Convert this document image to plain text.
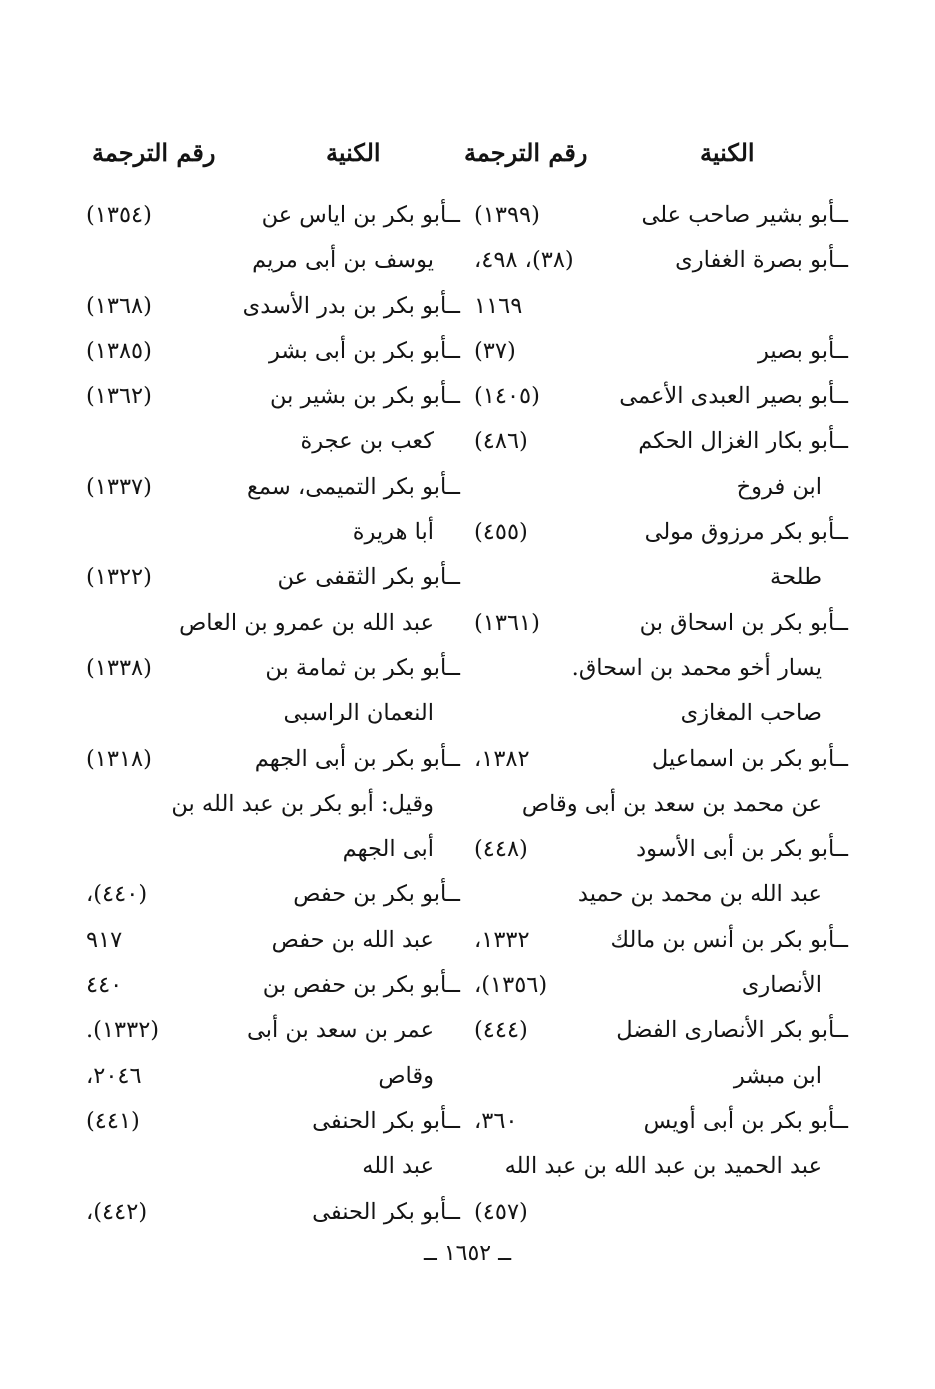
الكنية
رقم الترجمة
الكنية
رقم الترجمة
ــأبو بشير صاحب على
(١٣٩٩)
ــأبو بصرة الغفارى
(٣٨)، ٤٩٨،
١١٦٩
ــأبو بصير
(٣٧)
ــأبو بصير العبدى الأعمى
(١٤٠٥)
ــأبو بكار الغزال الحكم
(٤٨٦)
ابن فروخ
ــأبو بكر مرزوق مولى
(٤٥٥)
طلحة
ــأبو بكر بن اسحاق بن
(١٣٦١)
يسار أخو محمد بن اسحاق.
صاحب المغازى
ــأبو بكر بن اسماعيل
١٣٨٢،
عن محمد بن سعد بن أبى وقاص
ــأبو بكر بن أبى الأسود
(٤٤٨)
عبد الله بن محمد بن حميد
ــأبو بكر بن أنس بن مالك
١٣٣٢،
الأنصارى
(١٣٥٦)،
ــأبو بكر الأنصارى الفضل
(٤٤٤)
ابن مبشر
ــأبو بكر بن أبى أويس
٣٦٠،
عبد الحميد بن عبد الله بن عبد الله
(٤٥٧)
ــأبو بكر بن اياس عن
(١٣٥٤)
يوسف بن أبى مريم
ــأبو بكر بن بدر الأسدى
(١٣٦٨)
ــأبو بكر بن أبى بشر
(١٣٨٥)
ــأبو بكر بن بشير بن
(١٣٦٢)
كعب بن عجرة
ــأبو بكر التميمى، سمع
(١٣٣٧)
أبا هريرة
ــأبو بكر الثقفى عن
(١٣٢٢)
عبد الله بن عمرو بن العاص
ــأبو بكر بن ثمامة بن
(١٣٣٨)
النعمان الراسبى
ــأبو بكر بن أبى الجهم
(١٣١٨)
وقيل: أبو بكر بن عبد الله بن
أبى الجهم
ــأبو بكر بن حفص
(٤٤٠)،
عبد الله بن حفص
٩١٧
ــأبو بكر بن حفص بن
٤٤٠
عمر بن سعد بن أبى
(١٣٣٢).
وقاص
٢٠٤٦،
ــأبو بكر الحنفى
(٤٤١)
عبد الله
ــأبو بكر الحنفى
(٤٤٢)،
ــ ١٦٥٢ ــ
